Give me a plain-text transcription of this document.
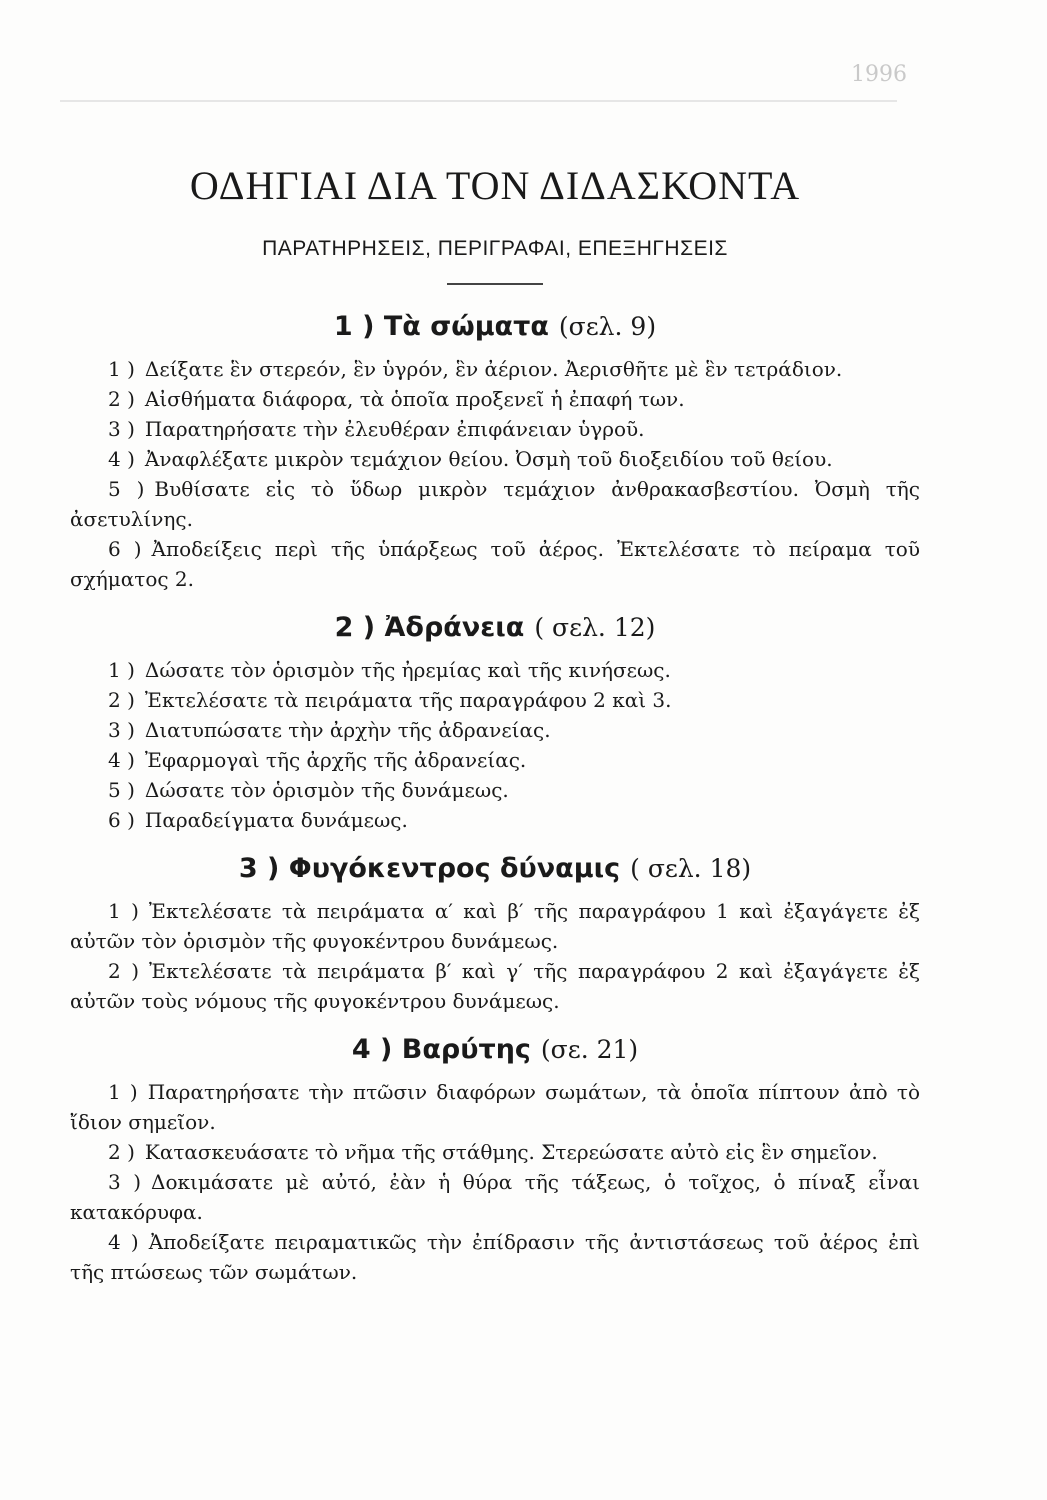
1996
ΟΔΗΓΙΑΙ ΔΙΑ ΤΟΝ ΔΙΔΑΣΚΟΝΤΑ
ΠΑΡΑΤΗΡΗΣΕΙΣ, ΠΕΡΙΓΡΑΦΑΙ, ΕΠΕΞΗΓΗΣΕΙΣ
1 ) Τὰ σώματα (σελ. 9)
1 ) Δείξατε ἓν στερεόν, ἓν ὑγρόν, ἓν ἀέριον. Ἀερισθῆτε μὲ ἓν τετράδιον.
2 ) Αἰσθήματα διάφορα, τὰ ὁποῖα προξενεῖ ἡ ἐπαφή των.
3 ) Παρατηρήσατε τὴν ἐλευθέραν ἐπιφάνειαν ὑγροῦ.
4 ) Ἀναφλέξατε μικρὸν τεμάχιον θείου. Ὀσμὴ τοῦ διοξειδίου τοῦ θείου.
5 ) Βυθίσατε εἰς τὸ ὕδωρ μικρὸν τεμάχιον ἀνθρακασβεστίου. Ὀσμὴ τῆς ἀσετυλίνης.
6 ) Ἀποδείξεις περὶ τῆς ὑπάρξεως τοῦ ἀέρος. Ἐκτελέσατε τὸ πείραμα τοῦ σχήματος 2.
2 ) Ἀδράνεια ( σελ. 12)
1 ) Δώσατε τὸν ὁρισμὸν τῆς ἠρεμίας καὶ τῆς κινήσεως.
2 ) Ἐκτελέσατε τὰ πειράματα τῆς παραγράφου 2 καὶ 3.
3 ) Διατυπώσατε τὴν ἀρχὴν τῆς ἀδρανείας.
4 ) Ἐφαρμογαὶ τῆς ἀρχῆς τῆς ἀδρανείας.
5 ) Δώσατε τὸν ὁρισμὸν τῆς δυνάμεως.
6 ) Παραδείγματα δυνάμεως.
3 ) Φυγόκεντρος δύναμις ( σελ. 18)
1 ) Ἐκτελέσατε τὰ πειράματα α′ καὶ β′ τῆς παραγράφου 1 καὶ ἐξαγάγετε ἐξ αὐτῶν τὸν ὁρισμὸν τῆς φυγοκέντρου δυνάμεως.
2 ) Ἐκτελέσατε τὰ πειράματα β′ καὶ γ′ τῆς παραγράφου 2 καὶ ἐξαγάγετε ἐξ αὐτῶν τοὺς νόμους τῆς φυγοκέντρου δυνάμεως.
4 ) Βαρύτης (σε. 21)
1 ) Παρατηρήσατε τὴν πτῶσιν διαφόρων σωμάτων, τὰ ὁποῖα πίπτουν ἀπὸ τὸ ἴδιον σημεῖον.
2 ) Κατασκευάσατε τὸ νῆμα τῆς στάθμης. Στερεώσατε αὐτὸ εἰς ἓν σημεῖον.
3 ) Δοκιμάσατε μὲ αὐτό, ἐὰν ἡ θύρα τῆς τάξεως, ὁ τοῖχος, ὁ πίναξ εἶναι κατακόρυφα.
4 ) Ἀποδείξατε πειραματικῶς τὴν ἐπίδρασιν τῆς ἀντιστάσεως τοῦ ἀέρος ἐπὶ τῆς πτώσεως τῶν σωμάτων.
